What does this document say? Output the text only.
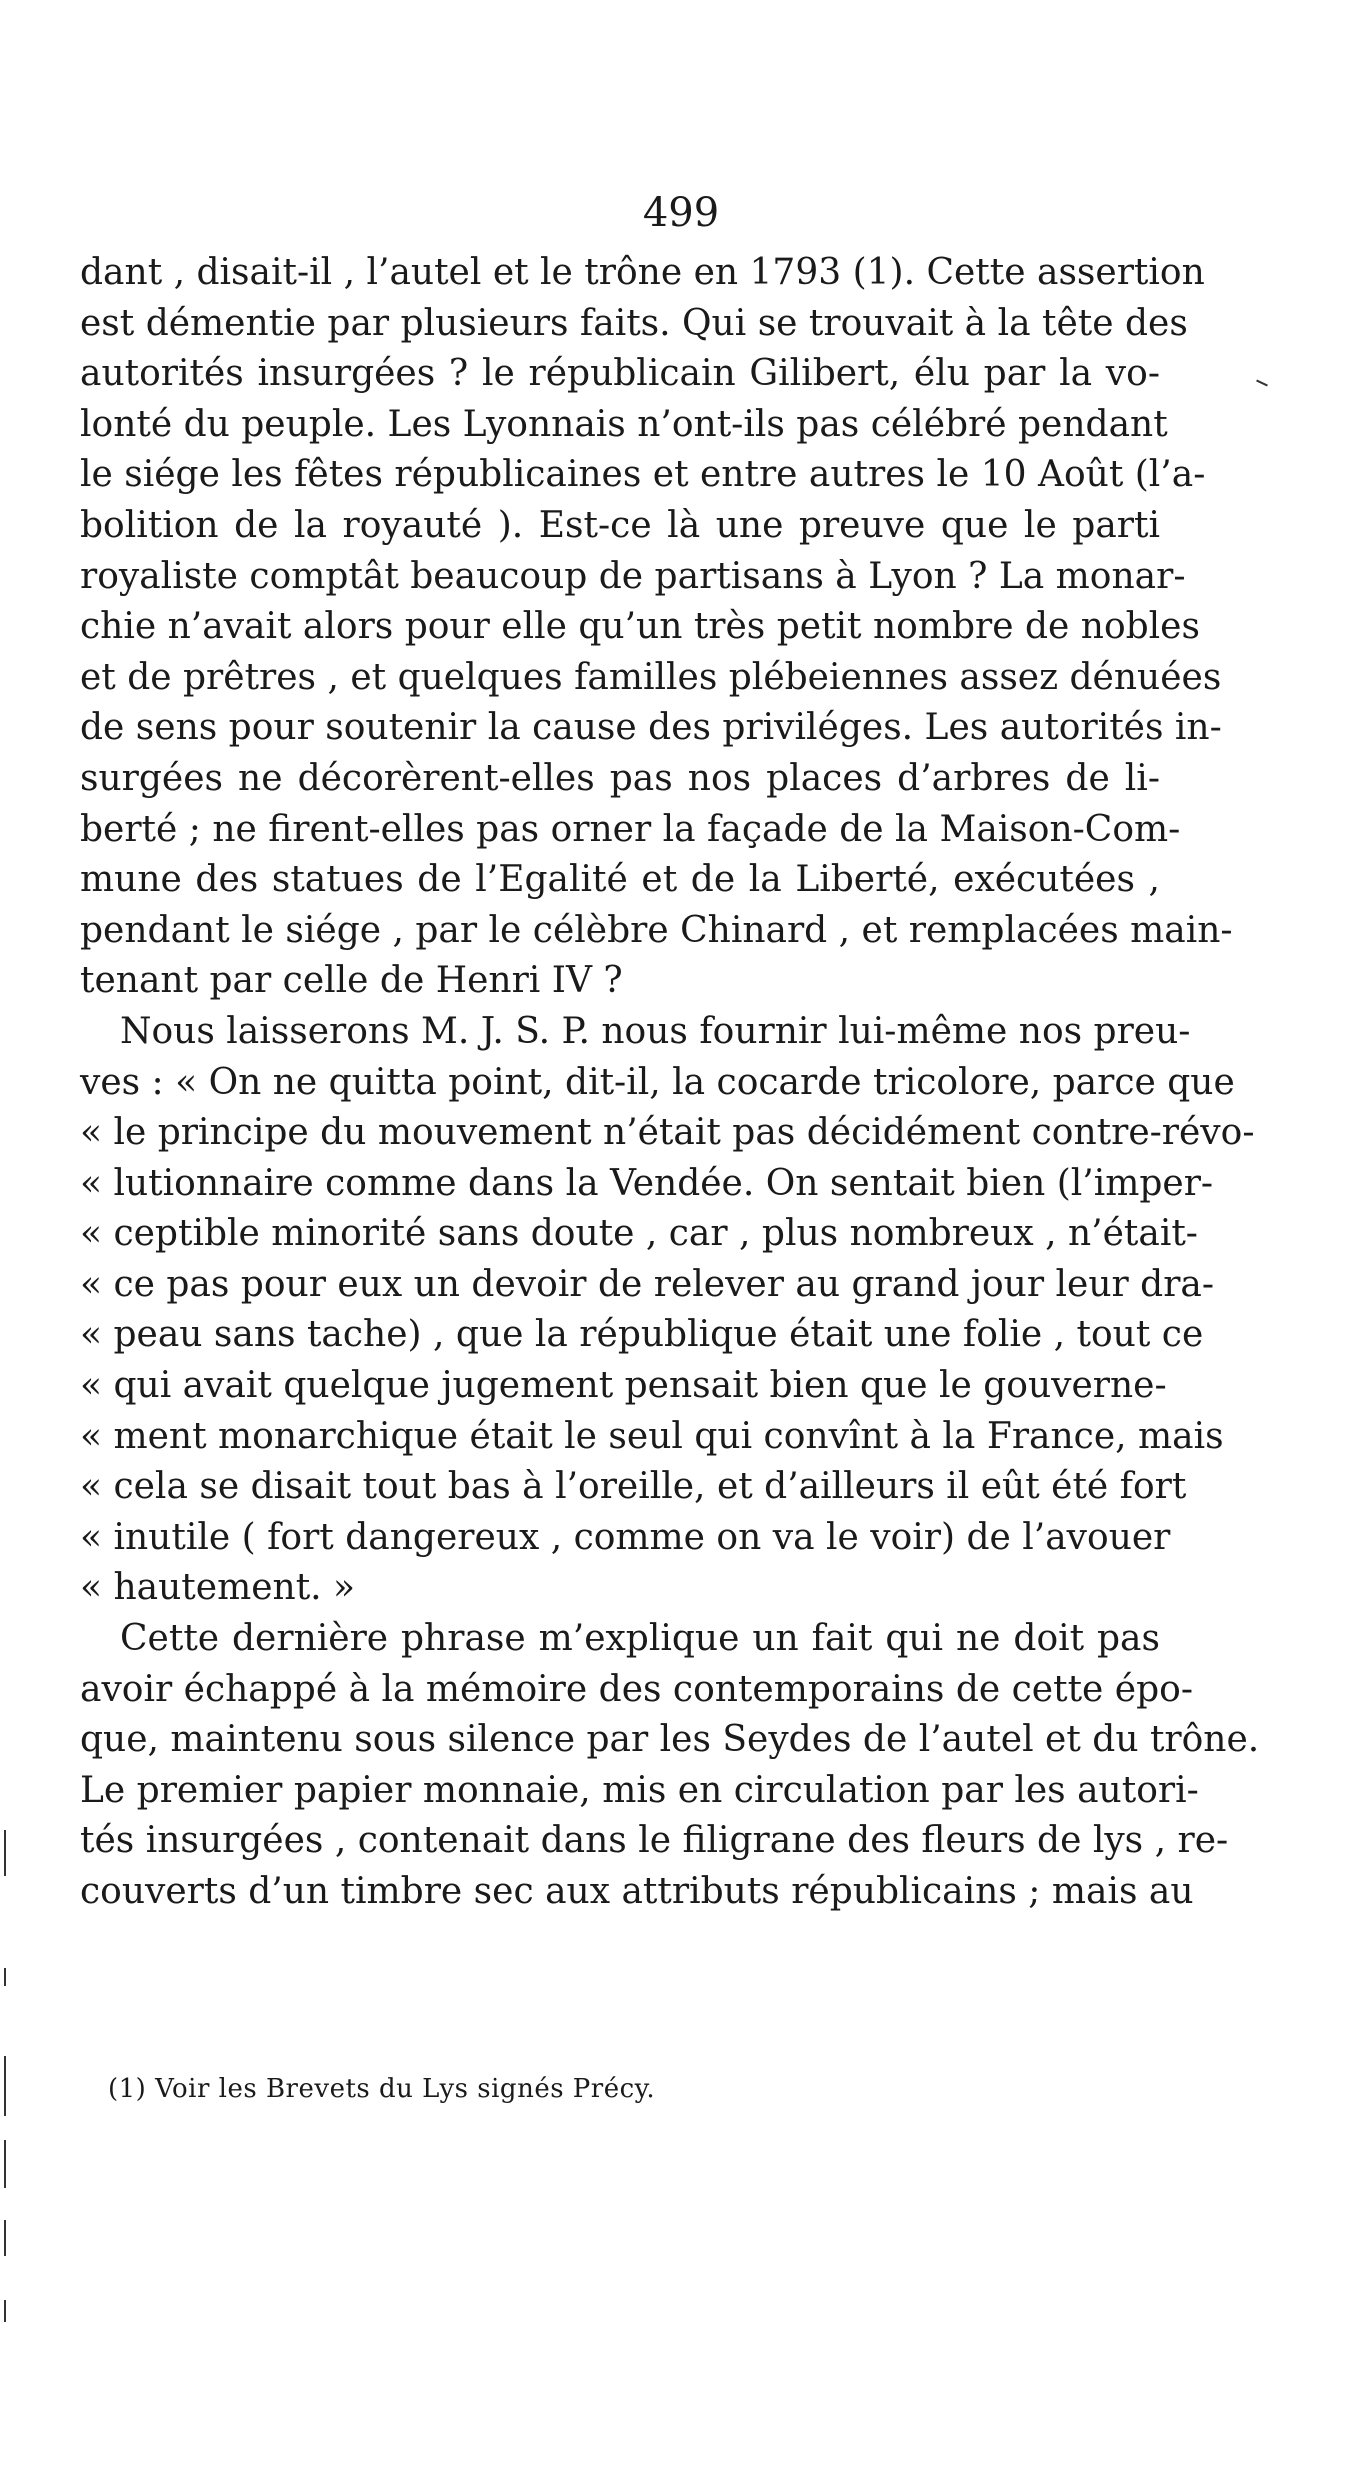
499
dant , disait-il , l’autel et le trône en 1793 (1). Cette assertion
est démentie par plusieurs faits. Qui se trouvait à la tête des
autorités insurgées ? le républicain Gilibert, élu par la vo-
lonté du peuple. Les Lyonnais n’ont-ils pas célébré pendant
le siége les fêtes républicaines et entre autres le 10 Août (l’a-
bolition de la royauté ). Est-ce là une preuve que le parti
royaliste comptât beaucoup de partisans à Lyon ? La monar-
chie n’avait alors pour elle qu’un très petit nombre de nobles
et de prêtres , et quelques familles plébeiennes assez dénuées
de sens pour soutenir la cause des priviléges. Les autorités in-
surgées ne décorèrent-elles pas nos places d’arbres de li-
berté ; ne firent-elles pas orner la façade de la Maison-Com-
mune des statues de l’Egalité et de la Liberté, exécutées ,
pendant le siége , par le célèbre Chinard , et remplacées main-
tenant par celle de Henri IV ?
Nous laisserons M. J. S. P. nous fournir lui-même nos preu-
ves : « On ne quitta point, dit-il, la cocarde tricolore, parce que
« le principe du mouvement n’était pas décidément contre-révo-
« lutionnaire comme dans la Vendée. On sentait bien (l’imper-
« ceptible minorité sans doute , car , plus nombreux , n’était-
« ce pas pour eux un devoir de relever au grand jour leur dra-
« peau sans tache) , que la république était une folie , tout ce
« qui avait quelque jugement pensait bien que le gouverne-
« ment monarchique était le seul qui convînt à la France, mais
« cela se disait tout bas à l’oreille, et d’ailleurs il eût été fort
« inutile ( fort dangereux , comme on va le voir) de l’avouer
« hautement. »
Cette dernière phrase m’explique un fait qui ne doit pas
avoir échappé à la mémoire des contemporains de cette épo-
que, maintenu sous silence par les Seydes de l’autel et du trône.
Le premier papier monnaie, mis en circulation par les autori-
tés insurgées , contenait dans le filigrane des fleurs de lys , re-
couverts d’un timbre sec aux attributs républicains ; mais au
(1) Voir les Brevets du Lys signés Précy.
